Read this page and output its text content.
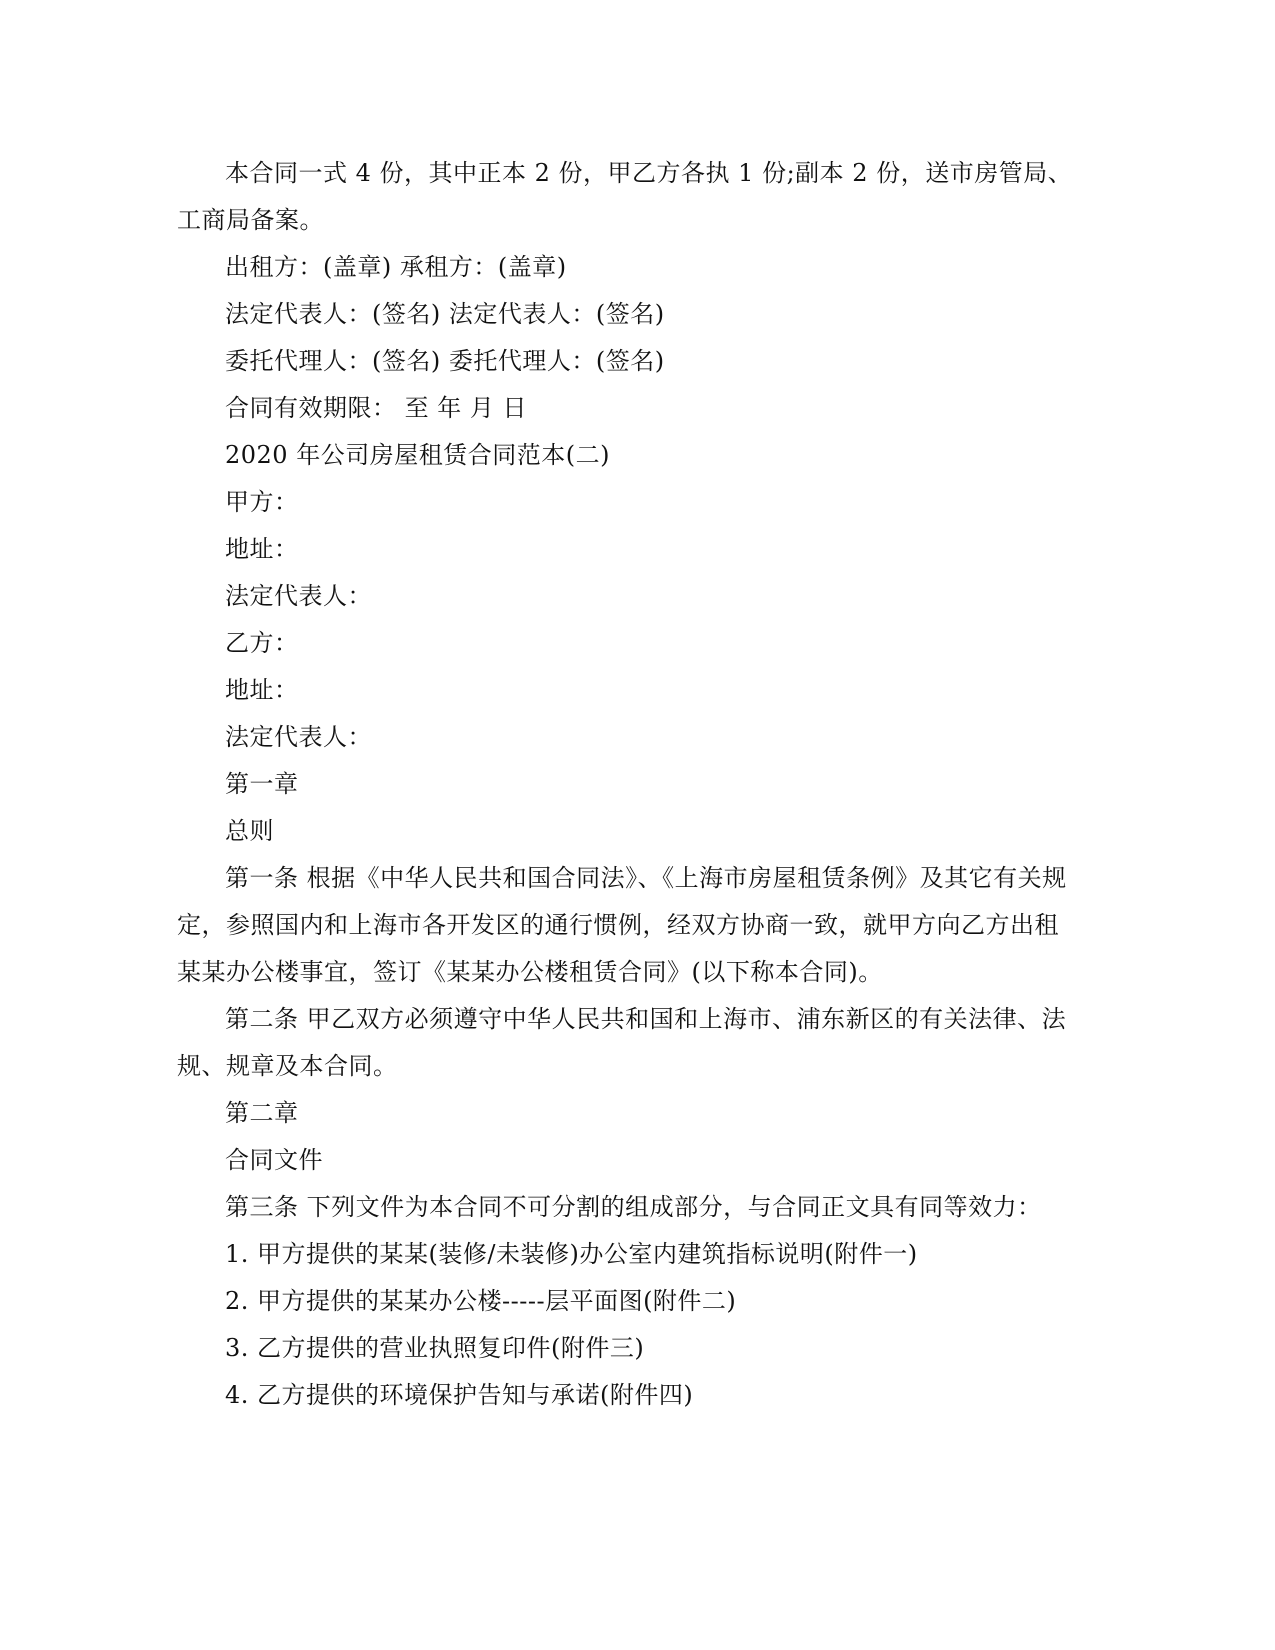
本合同一式 4 份，其中正本 2 份，甲乙方各执 1 份;副本 2 份，送市房管局、工商局备案。

出租方：(盖章) 承租方：(盖章)

法定代表人：(签名) 法定代表人：(签名)

委托代理人：(签名) 委托代理人：(签名)

合同有效期限： 至 年 月 日

2020 年公司房屋租赁合同范本(二)

甲方：

地址：

法定代表人：

乙方：

地址：

法定代表人：

第一章

总则

第一条 根据《中华人民共和国合同法》、《上海市房屋租赁条例》及其它有关规定，参照国内和上海市各开发区的通行惯例，经双方协商一致，就甲方向乙方出租某某办公楼事宜，签订《某某办公楼租赁合同》(以下称本合同)。

第二条 甲乙双方必须遵守中华人民共和国和上海市、浦东新区的有关法律、法规、规章及本合同。

第二章

合同文件

第三条 下列文件为本合同不可分割的组成部分，与合同正文具有同等效力：

1. 甲方提供的某某(装修/未装修)办公室内建筑指标说明(附件一)

2. 甲方提供的某某办公楼-----层平面图(附件二)

3. 乙方提供的营业执照复印件(附件三)

4. 乙方提供的环境保护告知与承诺(附件四)
